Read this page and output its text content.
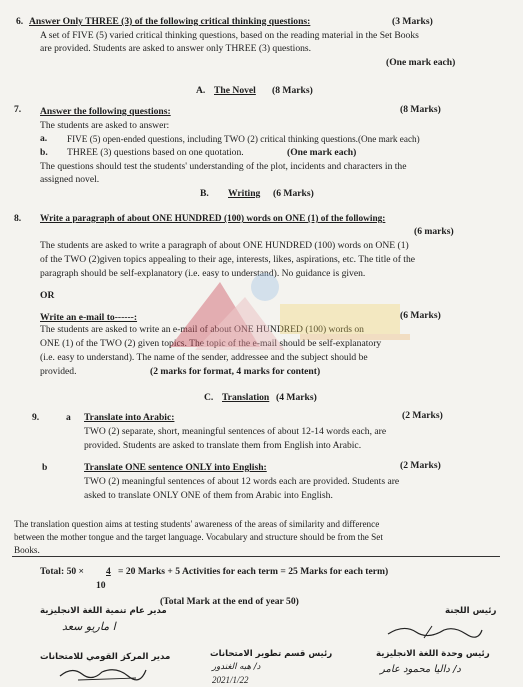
6. Answer Only THREE (3) of the following critical thinking questions:	(3 Marks)
A set of FIVE (5) varied critical thinking questions, based on the reading material in the Set Books
are provided. Students are asked to answer only THREE (3) questions.
(One mark each)
A. The Novel (8 Marks)
7. Answer the following questions:	(8 Marks)
The students are asked to answer:
a. FIVE (5) open-ended questions, including TWO (2) critical thinking questions.(One mark each)
b. THREE (3) questions based on one quotation.	(One mark each)
The questions should test the students' understanding of the plot, incidents and characters in the
assigned novel.
B. Writing (6 Marks)
8. Write a paragraph of about ONE HUNDRED (100) words on ONE (1) of the following:
(6 marks)
The students are asked to write a paragraph of about ONE HUNDRED (100) words on ONE (1)
of the TWO (2)given topics appealing to their age, interests, likes, aspirations, etc. The title of the
paragraph should be self-explanatory (i.e. easy to understand). No guidance is given.
OR
Write an e-mail to------:	(6 Marks)
The students are asked to write an e-mail of about ONE HUNDRED (100) words on
ONE (1) of the TWO (2) given topics. The topic of the e-mail should be self-explanatory
(i.e. easy to understand). The name of the sender, addressee and the subject should be
provided.	(2 marks for format, 4 marks for content)
C. Translation (4 Marks)
9.	a Translate into Arabic:	(2 Marks)
TWO (2) separate, short, meaningful sentences of about 12-14 words each, are
provided. Students are asked to translate them from English into Arabic.
b	Translate ONE sentence ONLY into English:	(2 Marks)
TWO (2) meaningful sentences of about 12 words each are provided. Students are
asked to translate ONLY ONE of them from Arabic into English.
The translation question aims at testing students' awareness of the areas of similarity and difference
between the mother tongue and the target language. Vocabulary and structure should be from the Set
Books.
Total: 50 × 4
10
= 20 Marks + 5 Activities for each term = 25 Marks for each term)
(Total Mark at the end of year 50)
مدير عام تنمية اللغة الانجليزية
ا ماريو سعد
رئيس اللجنة
مدير المركز القومي للامتحانات	رئيس قسم تطوير الامتحانات
د/ هبه الغندور
2021/1/22
رئيس وحدة اللغة الانجليزية
د/ داليا محمود عامر
